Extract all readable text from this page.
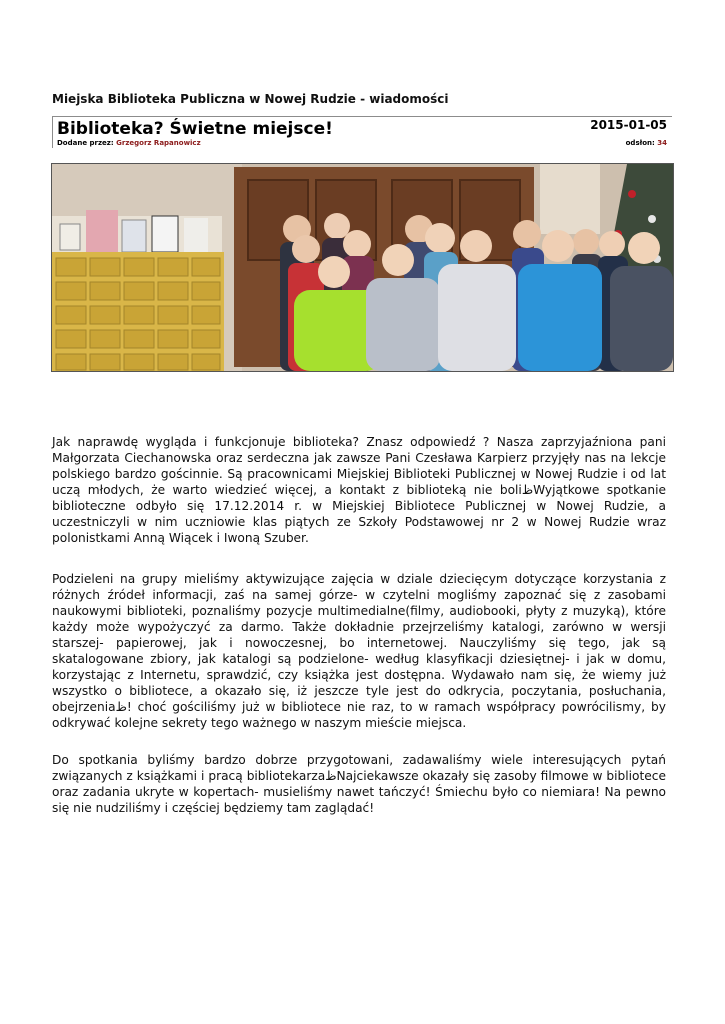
Miejska Biblioteka Publiczna w Nowej Rudzie - wiadomości
Biblioteka? Świetne miejsce!	2015-01-05
Dodane przez: Grzegorz Rapanowicz	odsłon: 34
Jak naprawdę wygląda i funkcjonuje biblioteka? Znasz odpowiedź ? Nasza zaprzyjaźniona pani Małgorzata Ciechanowska oraz serdeczna jak zawsze Pani Czesława Karpierz przyjęły nas na lekcje polskiego bardzo gościnnie. Są pracownicami Miejskiej Biblioteki Publicznej w Nowej Rudzie i od lat uczą młodych, że warto wiedzieć więcej, a kontakt z biblioteką nie boliظWyjątkowe spotkanie biblioteczne odbyło się 17.12.2014 r. w Miejskiej Bibliotece Publicznej w Nowej Rudzie, a uczestniczyli w nim uczniowie klas piątych ze Szkoły Podstawowej nr 2 w Nowej Rudzie wraz polonistkami Anną Wiącek i Iwoną Szuber.
Podzieleni na grupy mieliśmy aktywizujące zajęcia w dziale dziecięcym dotyczące korzystania z różnych źródeł informacji, zaś na samej górze- w czytelni mogliśmy zapoznać się z zasobami naukowymi biblioteki, poznaliśmy pozycje multimedialne(filmy, audiobooki, płyty z muzyką), które każdy może wypożyczyć za darmo. Także dokładnie przejrzeliśmy katalogi, zarówno w wersji starszej- papierowej, jak i nowoczesnej, bo internetowej. Nauczyliśmy się tego, jak są skatalogowane zbiory, jak katalogi są podzielone- według klasyfikacji dziesiętnej- i jak w domu, korzystając z Internetu, sprawdzić, czy książka jest dostępna. Wydawało nam się, że wiemy już wszystko o bibliotece, a okazało się, iż jeszcze tyle jest do odkrycia, poczytania, posłuchania, obejrzeniaظ! choć gościliśmy już w bibliotece nie raz, to w ramach współpracy powrócilismy, by odkrywać kolejne sekrety tego ważnego w naszym mieście miejsca.
Do spotkania byliśmy bardzo dobrze przygotowani, zadawaliśmy wiele interesujących pytań związanych z książkami i pracą bibliotekarzaظNajciekawsze okazały się zasoby filmowe w bibliotece oraz zadania ukryte w kopertach- musieliśmy nawet tańczyć! Śmiechu było co niemiara! Na pewno się nie nudziliśmy i częściej będziemy tam zaglądać!
